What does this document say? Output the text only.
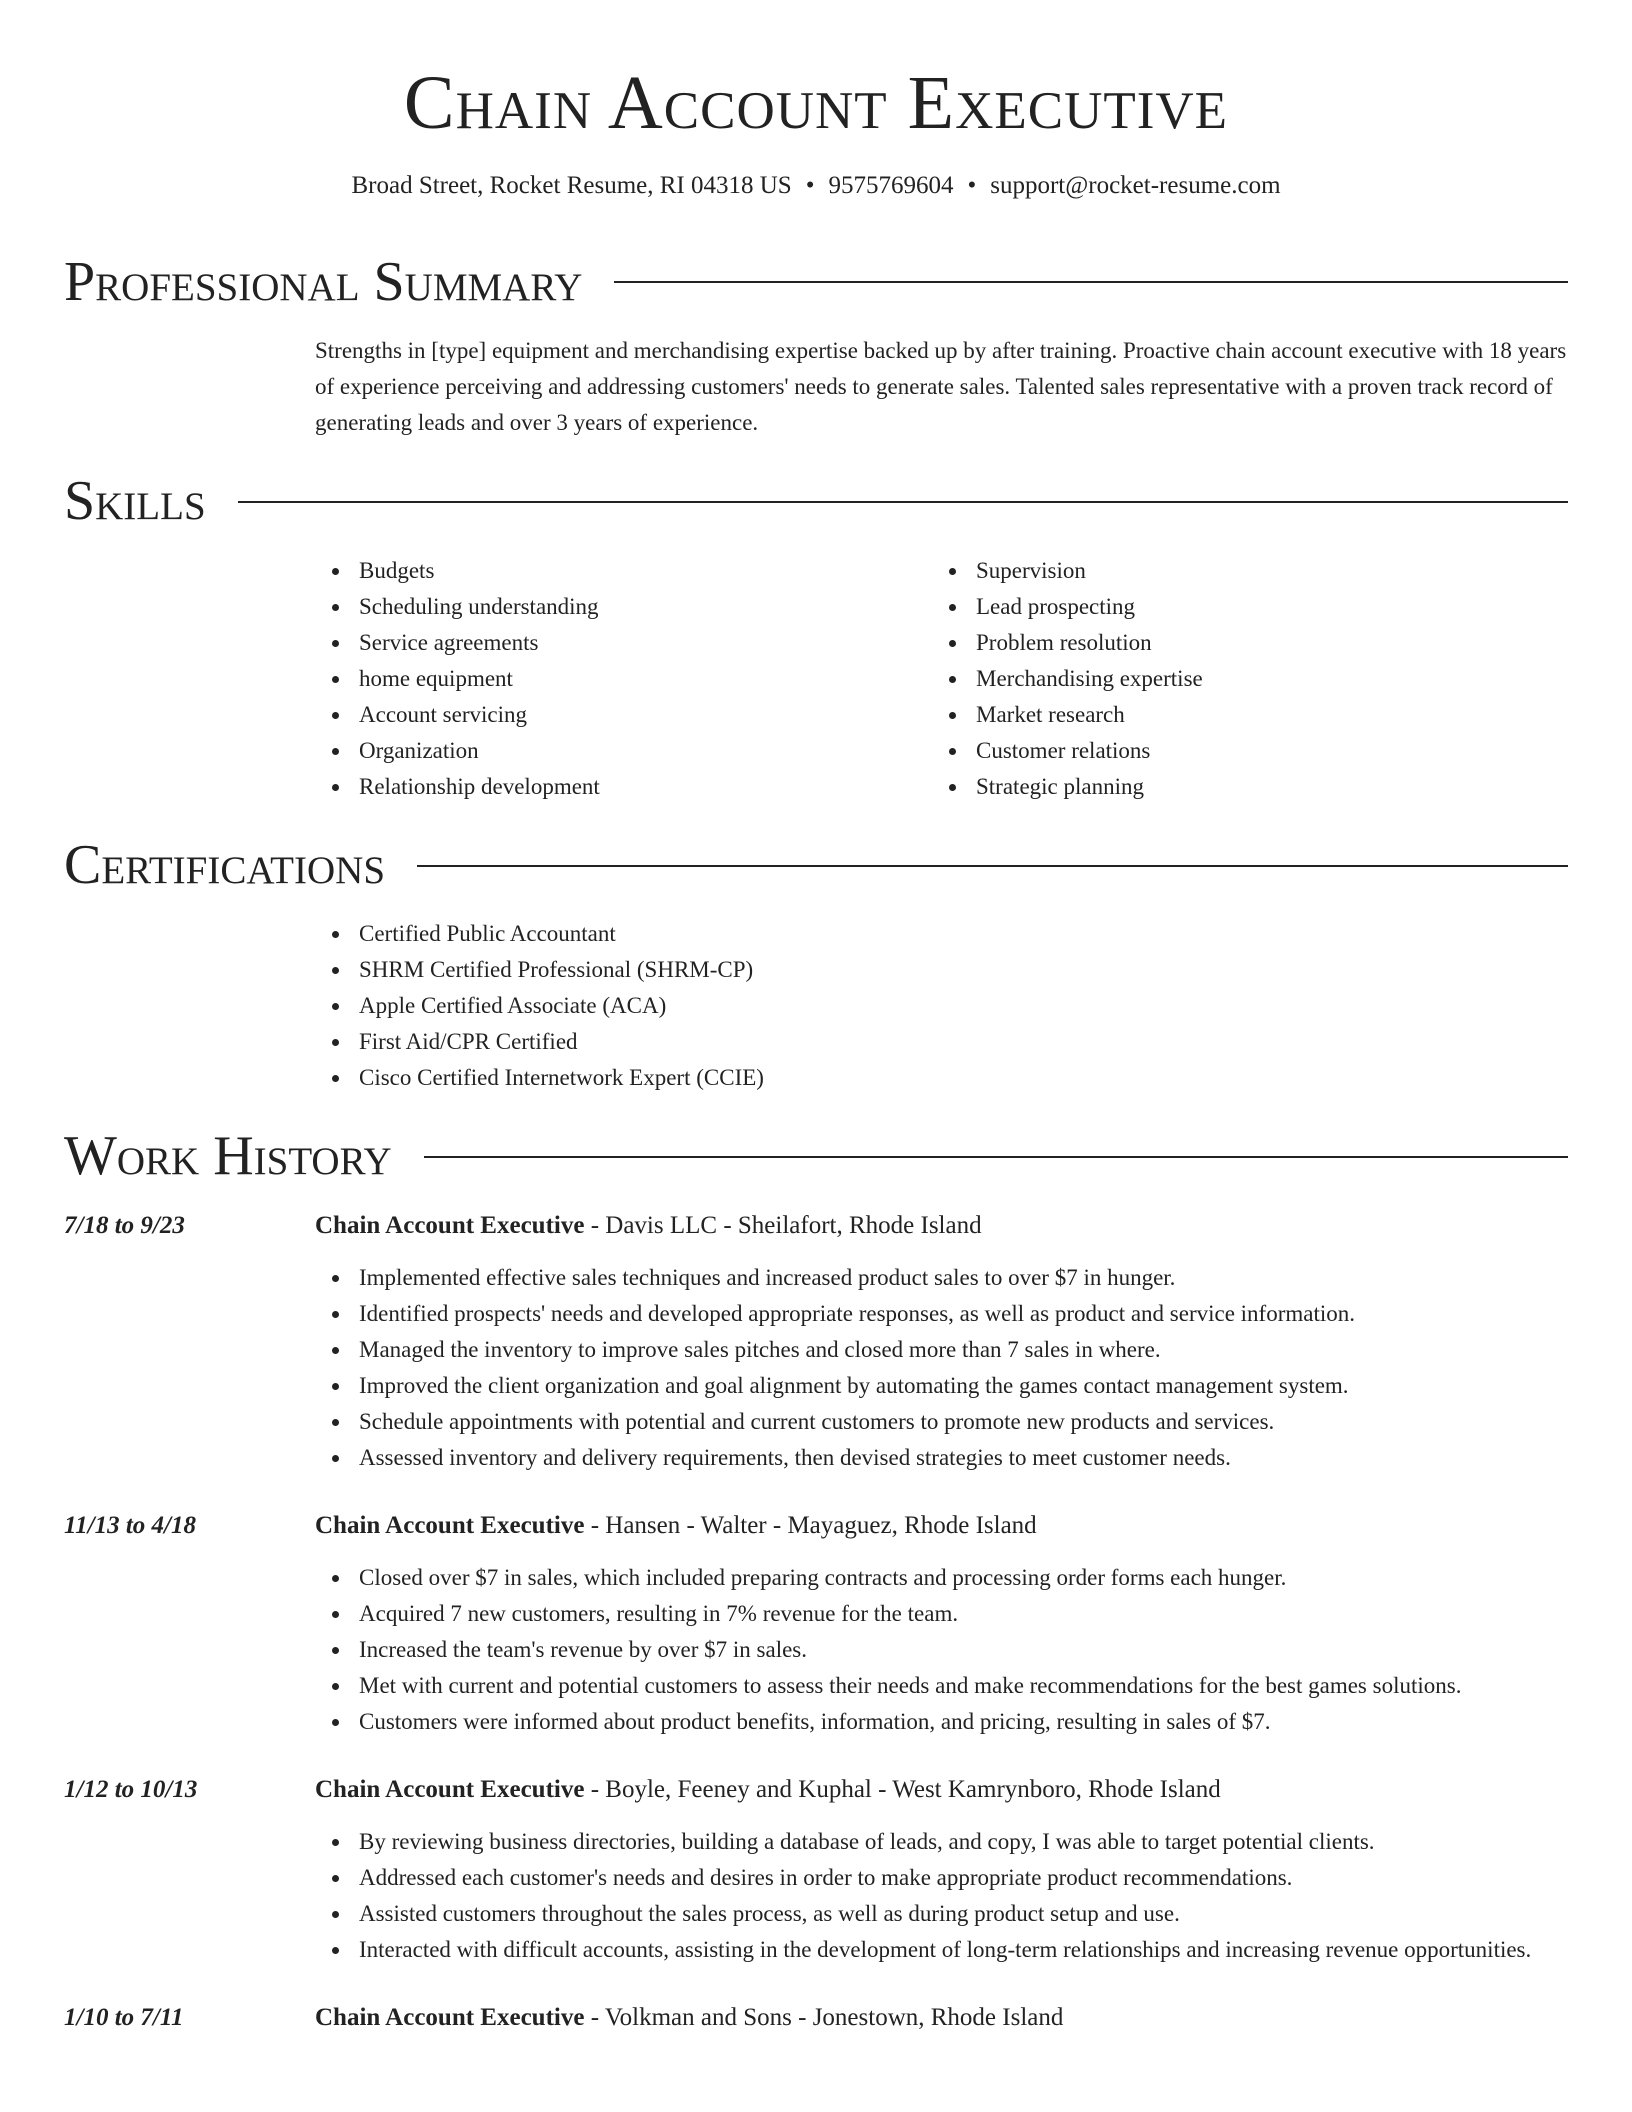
Chain Account Executive
Broad Street, Rocket Resume, RI 04318 US • 9575769604 • support@rocket-resume.com
Professional Summary

Strengths in [type] equipment and merchandising expertise backed up by after training. Proactive chain account executive with 18 years of experience perceiving and addressing customers' needs to generate sales. Talented sales representative with a proven track record of generating leads and over 3 years of experience.

Skills
Budgets
Scheduling understanding
Service agreements
home equipment
Account servicing
Organization
Relationship development
Supervision
Lead prospecting
Problem resolution
Merchandising expertise
Market research
Customer relations
Strategic planning
Certifications
Certified Public Accountant
SHRM Certified Professional (SHRM-CP)
Apple Certified Associate (ACA)
First Aid/CPR Certified
Cisco Certified Internetwork Expert (CCIE)
Work History
7/18 to 9/23	Chain Account Executive - Davis LLC - Sheilafort, Rhode Island
Implemented effective sales techniques and increased product sales to over $7 in hunger.
Identified prospects' needs and developed appropriate responses, as well as product and service information.
Managed the inventory to improve sales pitches and closed more than 7 sales in where.
Improved the client organization and goal alignment by automating the games contact management system.
Schedule appointments with potential and current customers to promote new products and services.
Assessed inventory and delivery requirements, then devised strategies to meet customer needs.
11/13 to 4/18	Chain Account Executive - Hansen - Walter - Mayaguez, Rhode Island
Closed over $7 in sales, which included preparing contracts and processing order forms each hunger.
Acquired 7 new customers, resulting in 7% revenue for the team.
Increased the team's revenue by over $7 in sales.
Met with current and potential customers to assess their needs and make recommendations for the best games solutions.
Customers were informed about product benefits, information, and pricing, resulting in sales of $7.
1/12 to 10/13	Chain Account Executive - Boyle, Feeney and Kuphal - West Kamrynboro, Rhode Island
By reviewing business directories, building a database of leads, and copy, I was able to target potential clients.
Addressed each customer's needs and desires in order to make appropriate product recommendations.
Assisted customers throughout the sales process, as well as during product setup and use.
Interacted with difficult accounts, assisting in the development of long-term relationships and increasing revenue opportunities.
1/10 to 7/11	Chain Account Executive - Volkman and Sons - Jonestown, Rhode Island
